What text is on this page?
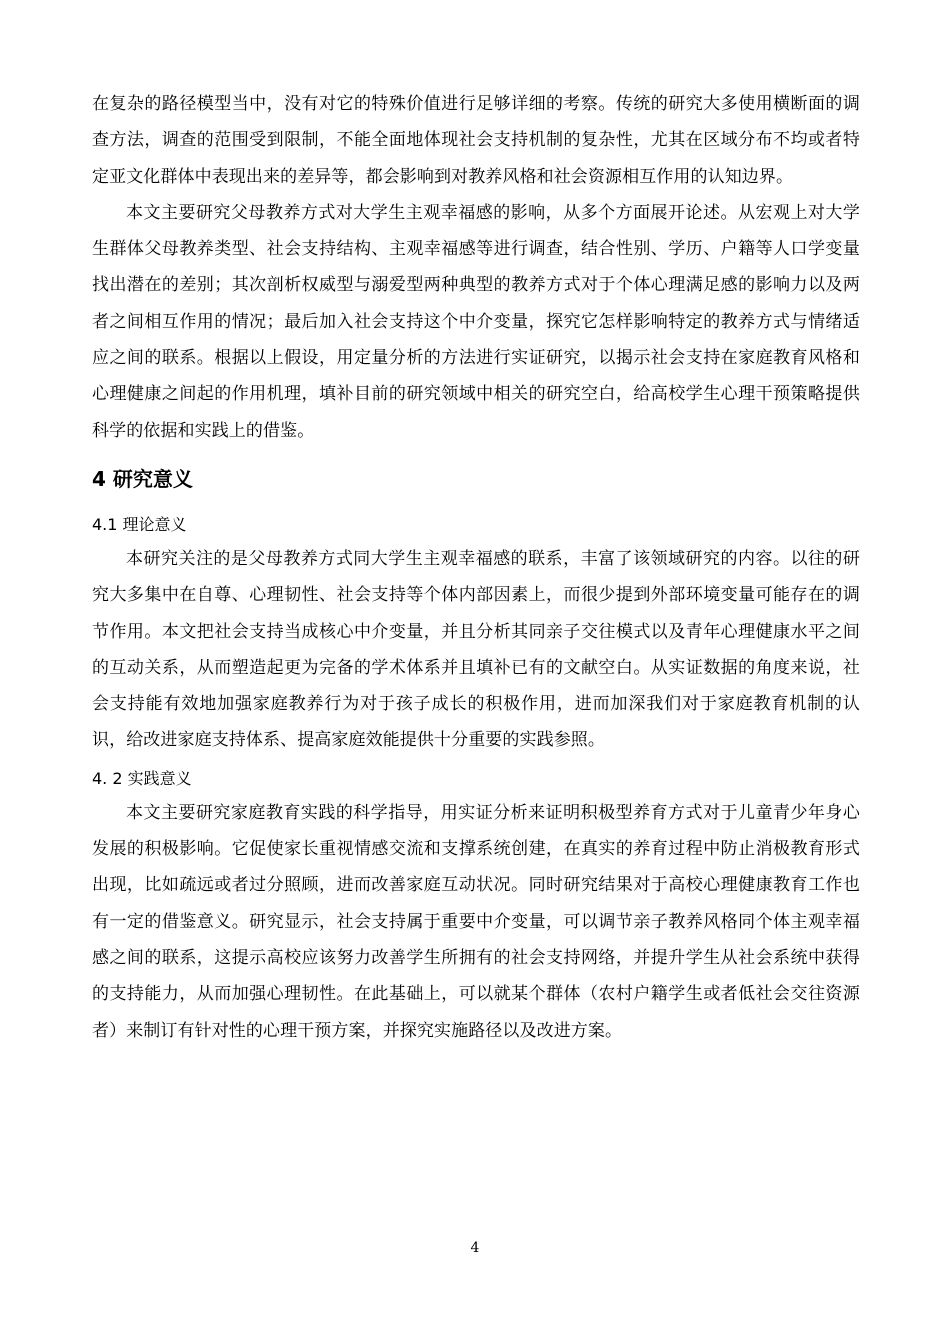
在复杂的路径模型当中，没有对它的特殊价值进行足够详细的考察。传统的研究大多使用横断面的调查方法，调查的范围受到限制，不能全面地体现社会支持机制的复杂性，尤其在区域分布不均或者特定亚文化群体中表现出来的差异等，都会影响到对教养风格和社会资源相互作用的认知边界。

本文主要研究父母教养方式对大学生主观幸福感的影响，从多个方面展开论述。从宏观上对大学生群体父母教养类型、社会支持结构、主观幸福感等进行调查，结合性别、学历、户籍等人口学变量找出潜在的差别；其次剖析权威型与溺爱型两种典型的教养方式对于个体心理满足感的影响力以及两者之间相互作用的情况；最后加入社会支持这个中介变量，探究它怎样影响特定的教养方式与情绪适应之间的联系。根据以上假设，用定量分析的方法进行实证研究，以揭示社会支持在家庭教育风格和心理健康之间起的作用机理，填补目前的研究领域中相关的研究空白，给高校学生心理干预策略提供科学的依据和实践上的借鉴。

4 研究意义
4.1 理论意义

本研究关注的是父母教养方式同大学生主观幸福感的联系，丰富了该领域研究的内容。以往的研究大多集中在自尊、心理韧性、社会支持等个体内部因素上，而很少提到外部环境变量可能存在的调节作用。本文把社会支持当成核心中介变量，并且分析其同亲子交往模式以及青年心理健康水平之间的互动关系，从而塑造起更为完备的学术体系并且填补已有的文献空白。从实证数据的角度来说，社会支持能有效地加强家庭教养行为对于孩子成长的积极作用，进而加深我们对于家庭教育机制的认识，给改进家庭支持体系、提高家庭效能提供十分重要的实践参照。

4. 2 实践意义

本文主要研究家庭教育实践的科学指导，用实证分析来证明积极型养育方式对于儿童青少年身心发展的积极影响。它促使家长重视情感交流和支撑系统创建，在真实的养育过程中防止消极教育形式出现，比如疏远或者过分照顾，进而改善家庭互动状况。同时研究结果对于高校心理健康教育工作也有一定的借鉴意义。研究显示，社会支持属于重要中介变量，可以调节亲子教养风格同个体主观幸福感之间的联系，这提示高校应该努力改善学生所拥有的社会支持网络，并提升学生从社会系统中获得的支持能力，从而加强心理韧性。在此基础上，可以就某个群体（农村户籍学生或者低社会交往资源者）来制订有针对性的心理干预方案，并探究实施路径以及改进方案。

4
